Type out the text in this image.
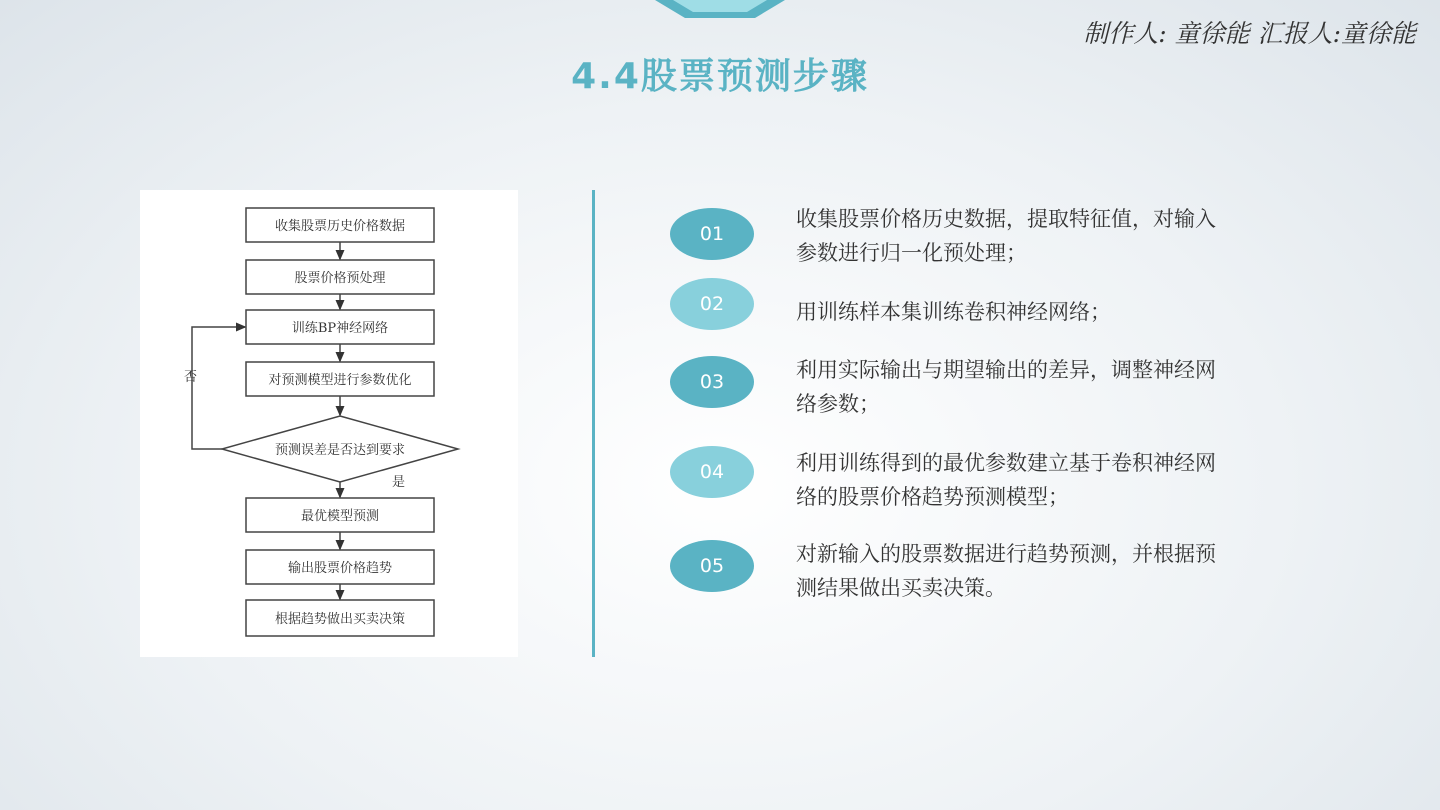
制作人: 童徐能 汇报人:童徐能
4.4股票预测步骤
收集股票历史价格数据
股票价格预处理
训练BP神经网络
对预测模型进行参数优化
预测误差是否达到要求
最优模型预测
输出股票价格趋势
根据趋势做出买卖决策
否
是
01
收集股票价格历史数据，提取特征值，对输入参数进行归一化预处理；
02	用训练样本集训练卷积神经网络；
03	利用实际输出与期望输出的差异，调整神经网络参数；
04	利用训练得到的最优参数建立基于卷积神经网络的股票价格趋势预测模型；
05	对新输入的股票数据进行趋势预测，并根据预测结果做出买卖决策。
